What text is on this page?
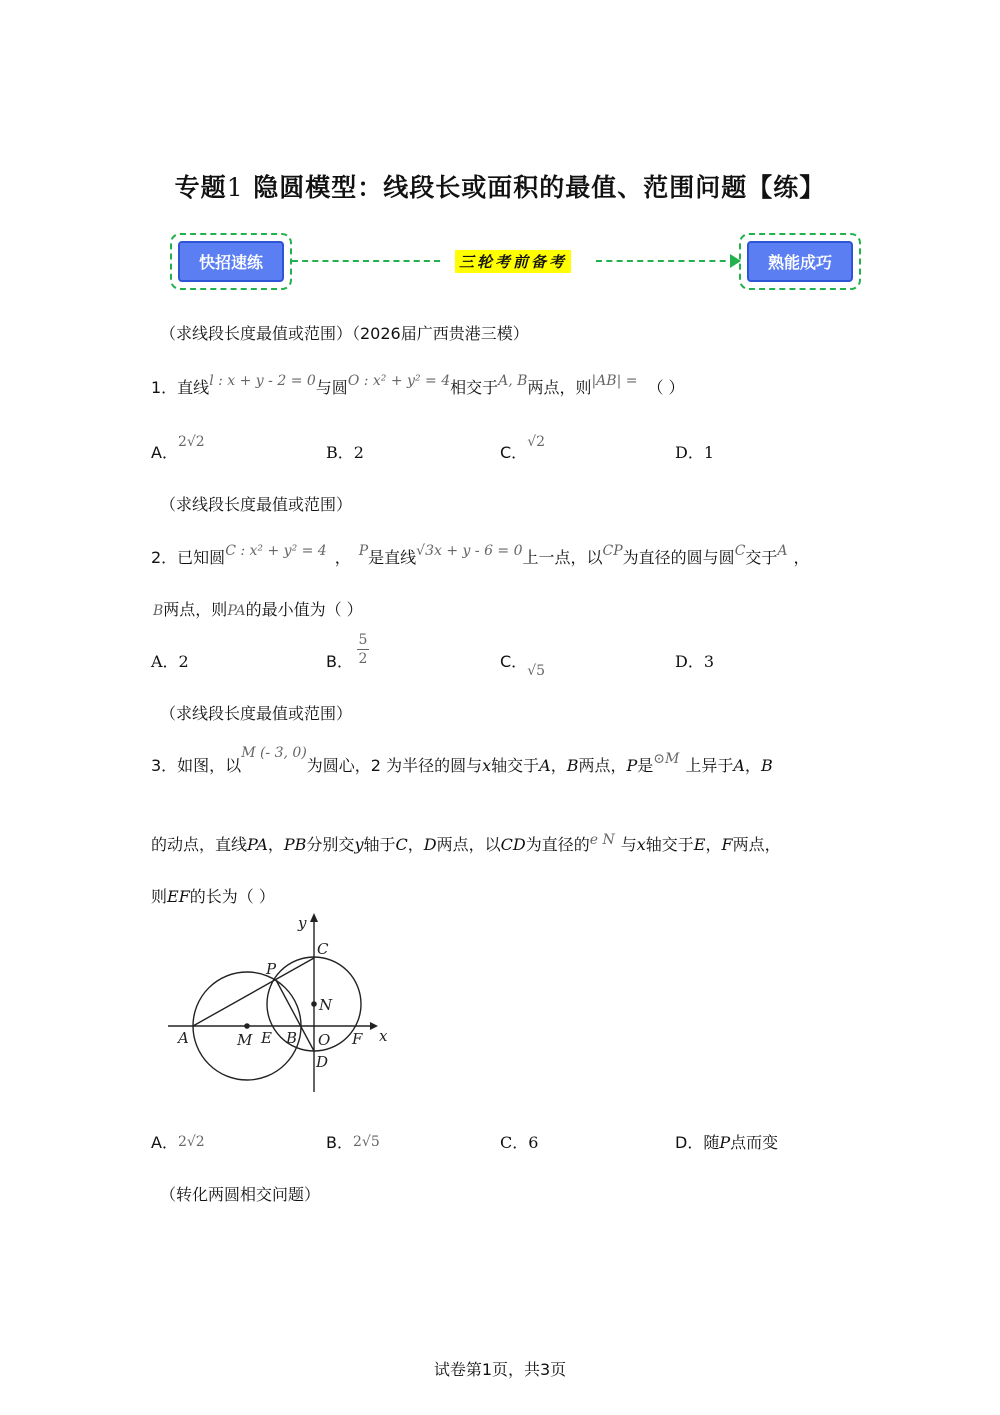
专题1 隐圆模型：线段长或面积的最值、范围问题【练】
快招速练	三轮考前备考	熟能成巧
（求线段长度最值或范围）（2026届广西贵港三模）
1．直线l : x + y - 2 = 0与圆O : x² + y² = 4相交于A, B两点，则|AB| = （ ）
A．2√2
B．2	C．√2
D．1
（求线段长度最值或范围）
2．已知圆C : x² + y² = 4 ， P是直线√3x + y - 6 = 0上一点，以CP为直径的圆与圆C交于A ，
B两点，则PA的最小值为（ ）
A．2	B．
5
2	C．√5	D．3
（求线段长度最值或范围）
3．如图，以M (- 3, 0)为圆心，2 为半径的圆与x轴交于A，B两点，P是⊙M 上异于A，B
的动点，直线PA，PB分别交y轴于C，D两点，以CD为直径的e N 与x轴交于E，F两点，
则EF的长为（ ）
y
C
P
N
A	M E B O F x
D
A．2√2	B．2√5	C．6	D．随P点而变
（转化两圆相交问题）
试卷第1页，共3页
